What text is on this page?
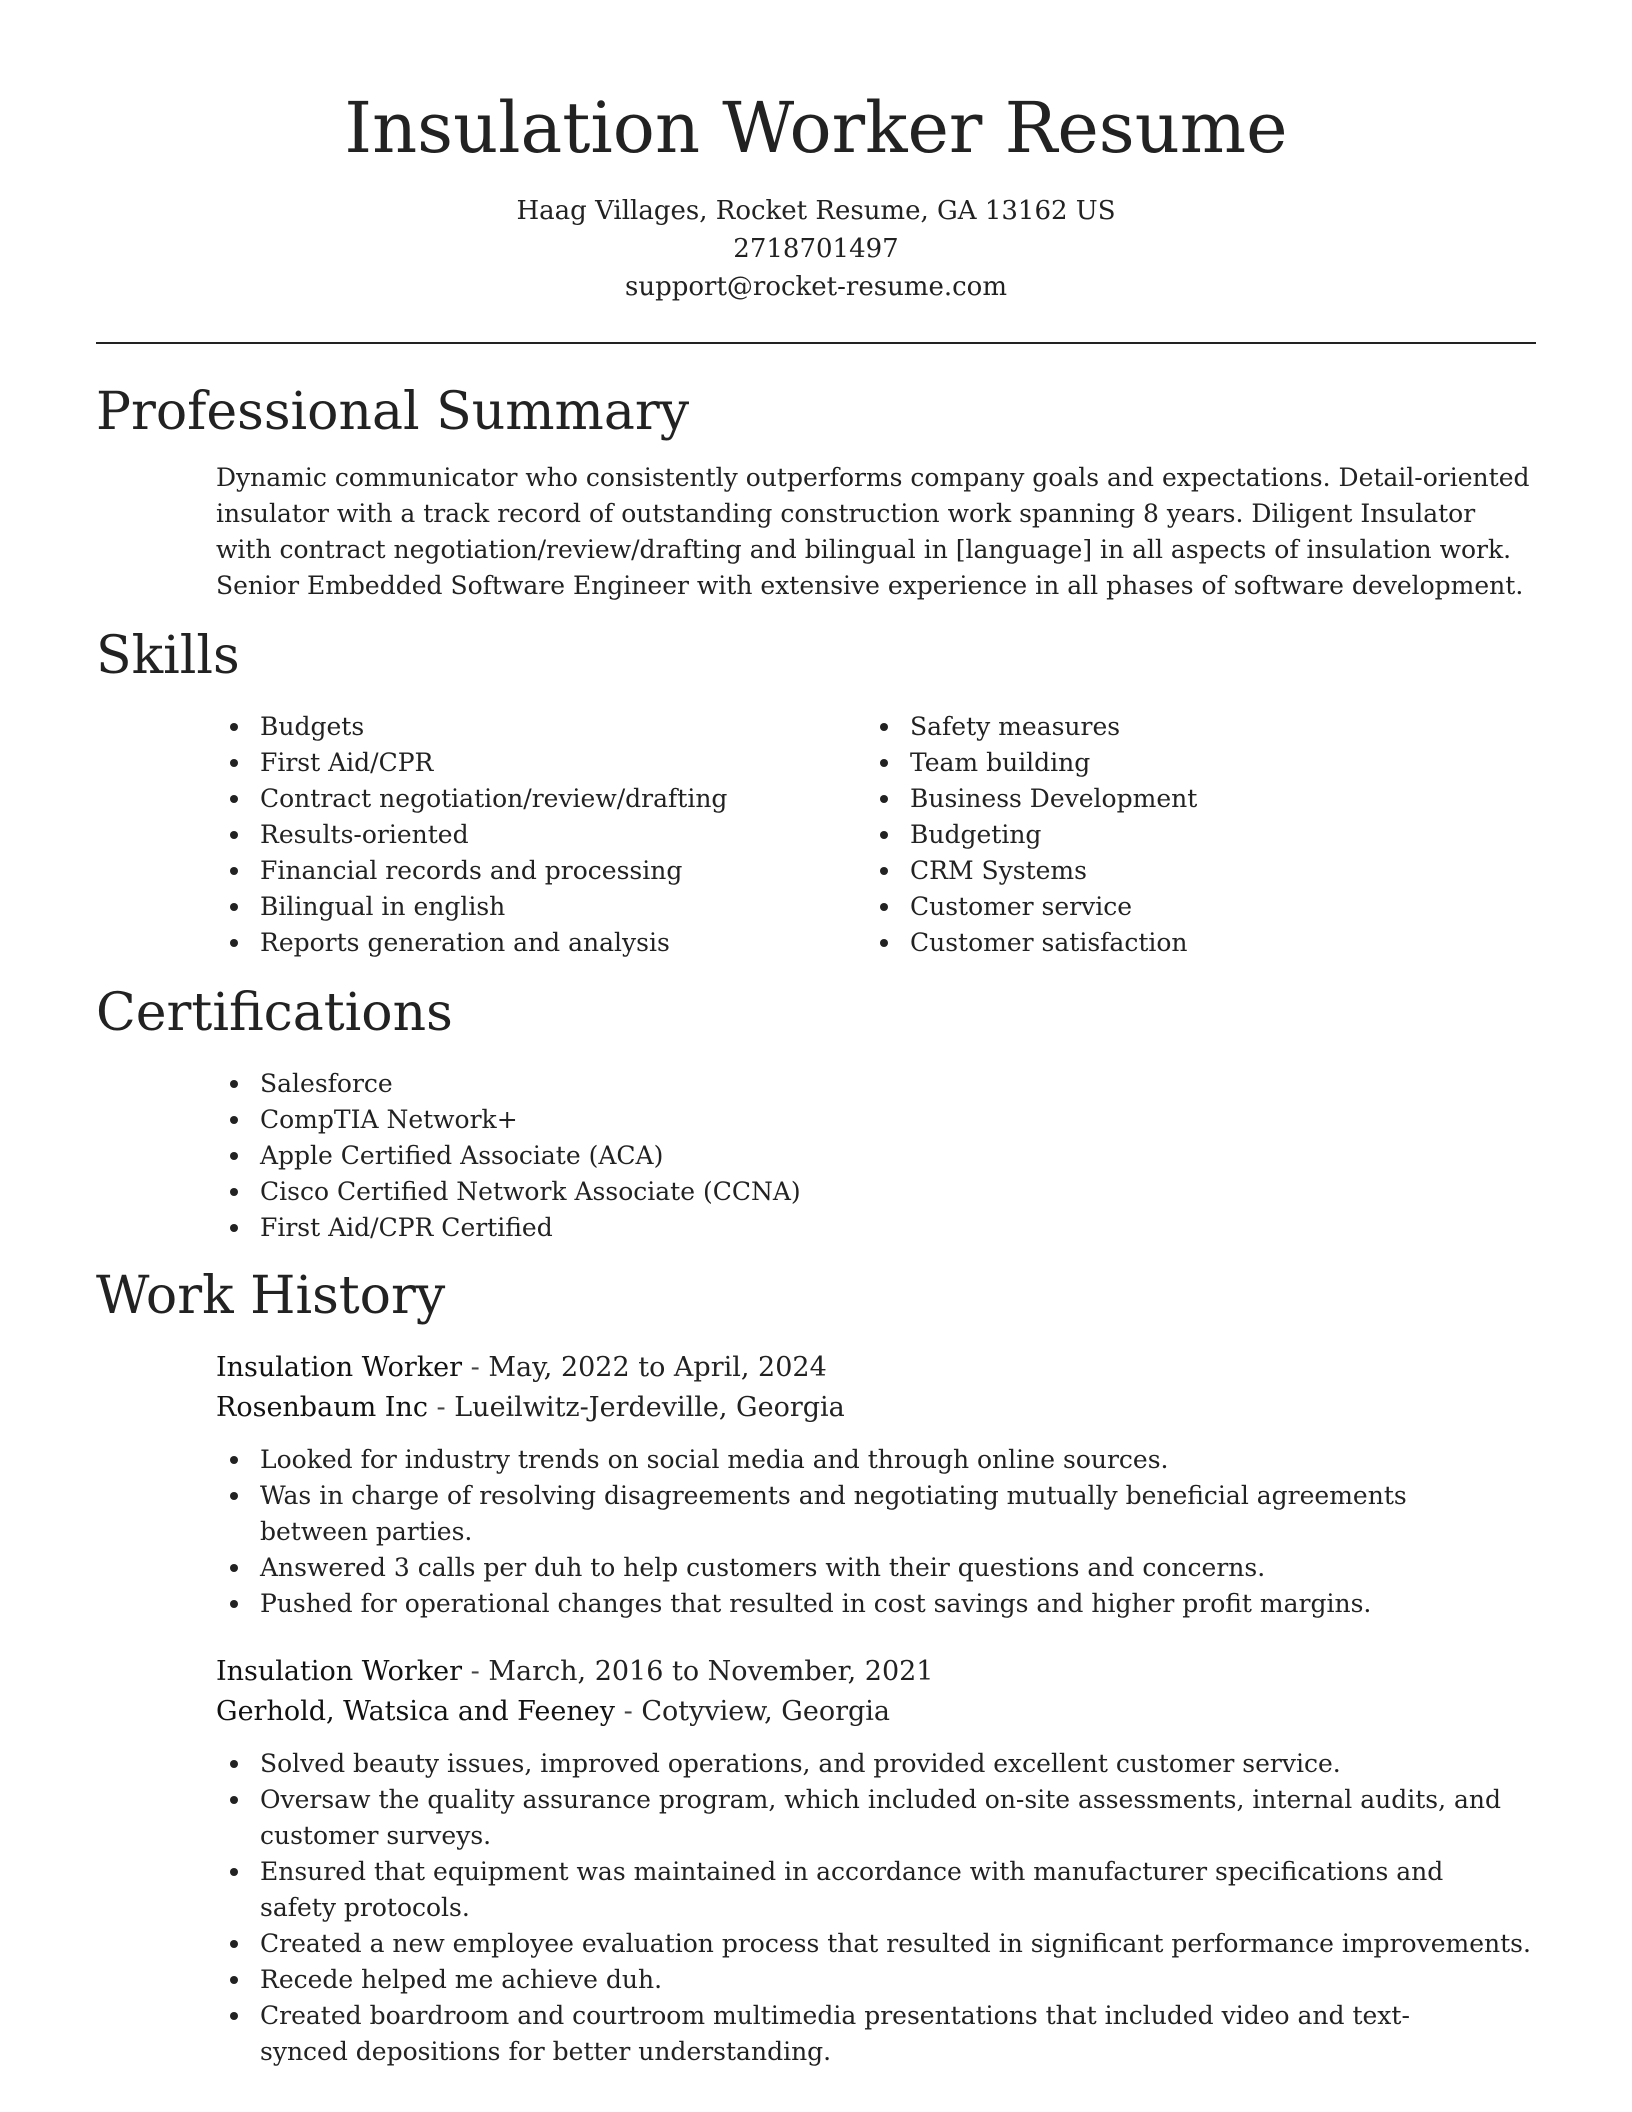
Insulation Worker Resume
Haag Villages, Rocket Resume, GA 13162 US
2718701497
support@rocket-resume.com
Professional Summary

Dynamic communicator who consistently outperforms company goals and expectations. Detail-oriented insulator with a track record of outstanding construction work spanning 8 years. Diligent Insulator with contract negotiation/review/drafting and bilingual in [language] in all aspects of insulation work. Senior Embedded Software Engineer with extensive experience in all phases of software development.

Skills
Budgets
First Aid/CPR
Contract negotiation/review/drafting
Results-oriented
Financial records and processing
Bilingual in english
Reports generation and analysis
Safety measures
Team building
Business Development
Budgeting
CRM Systems
Customer service
Customer satisfaction
Certifications
Salesforce
CompTIA Network+
Apple Certified Associate (ACA)
Cisco Certified Network Associate (CCNA)
First Aid/CPR Certified
Work History
Insulation Worker - May, 2022 to April, 2024
Rosenbaum Inc - Lueilwitz-Jerdeville, Georgia
Looked for industry trends on social media and through online sources.
Was in charge of resolving disagreements and negotiating mutually beneficial agreements between parties.
Answered 3 calls per duh to help customers with their questions and concerns.
Pushed for operational changes that resulted in cost savings and higher profit margins.
Insulation Worker - March, 2016 to November, 2021
Gerhold, Watsica and Feeney - Cotyview, Georgia
Solved beauty issues, improved operations, and provided excellent customer service.
Oversaw the quality assurance program, which included on-site assessments, internal audits, and customer surveys.
Ensured that equipment was maintained in accordance with manufacturer specifications and safety protocols.
Created a new employee evaluation process that resulted in significant performance improvements.
Recede helped me achieve duh.
Created boardroom and courtroom multimedia presentations that included video and text-synced depositions for better understanding.
